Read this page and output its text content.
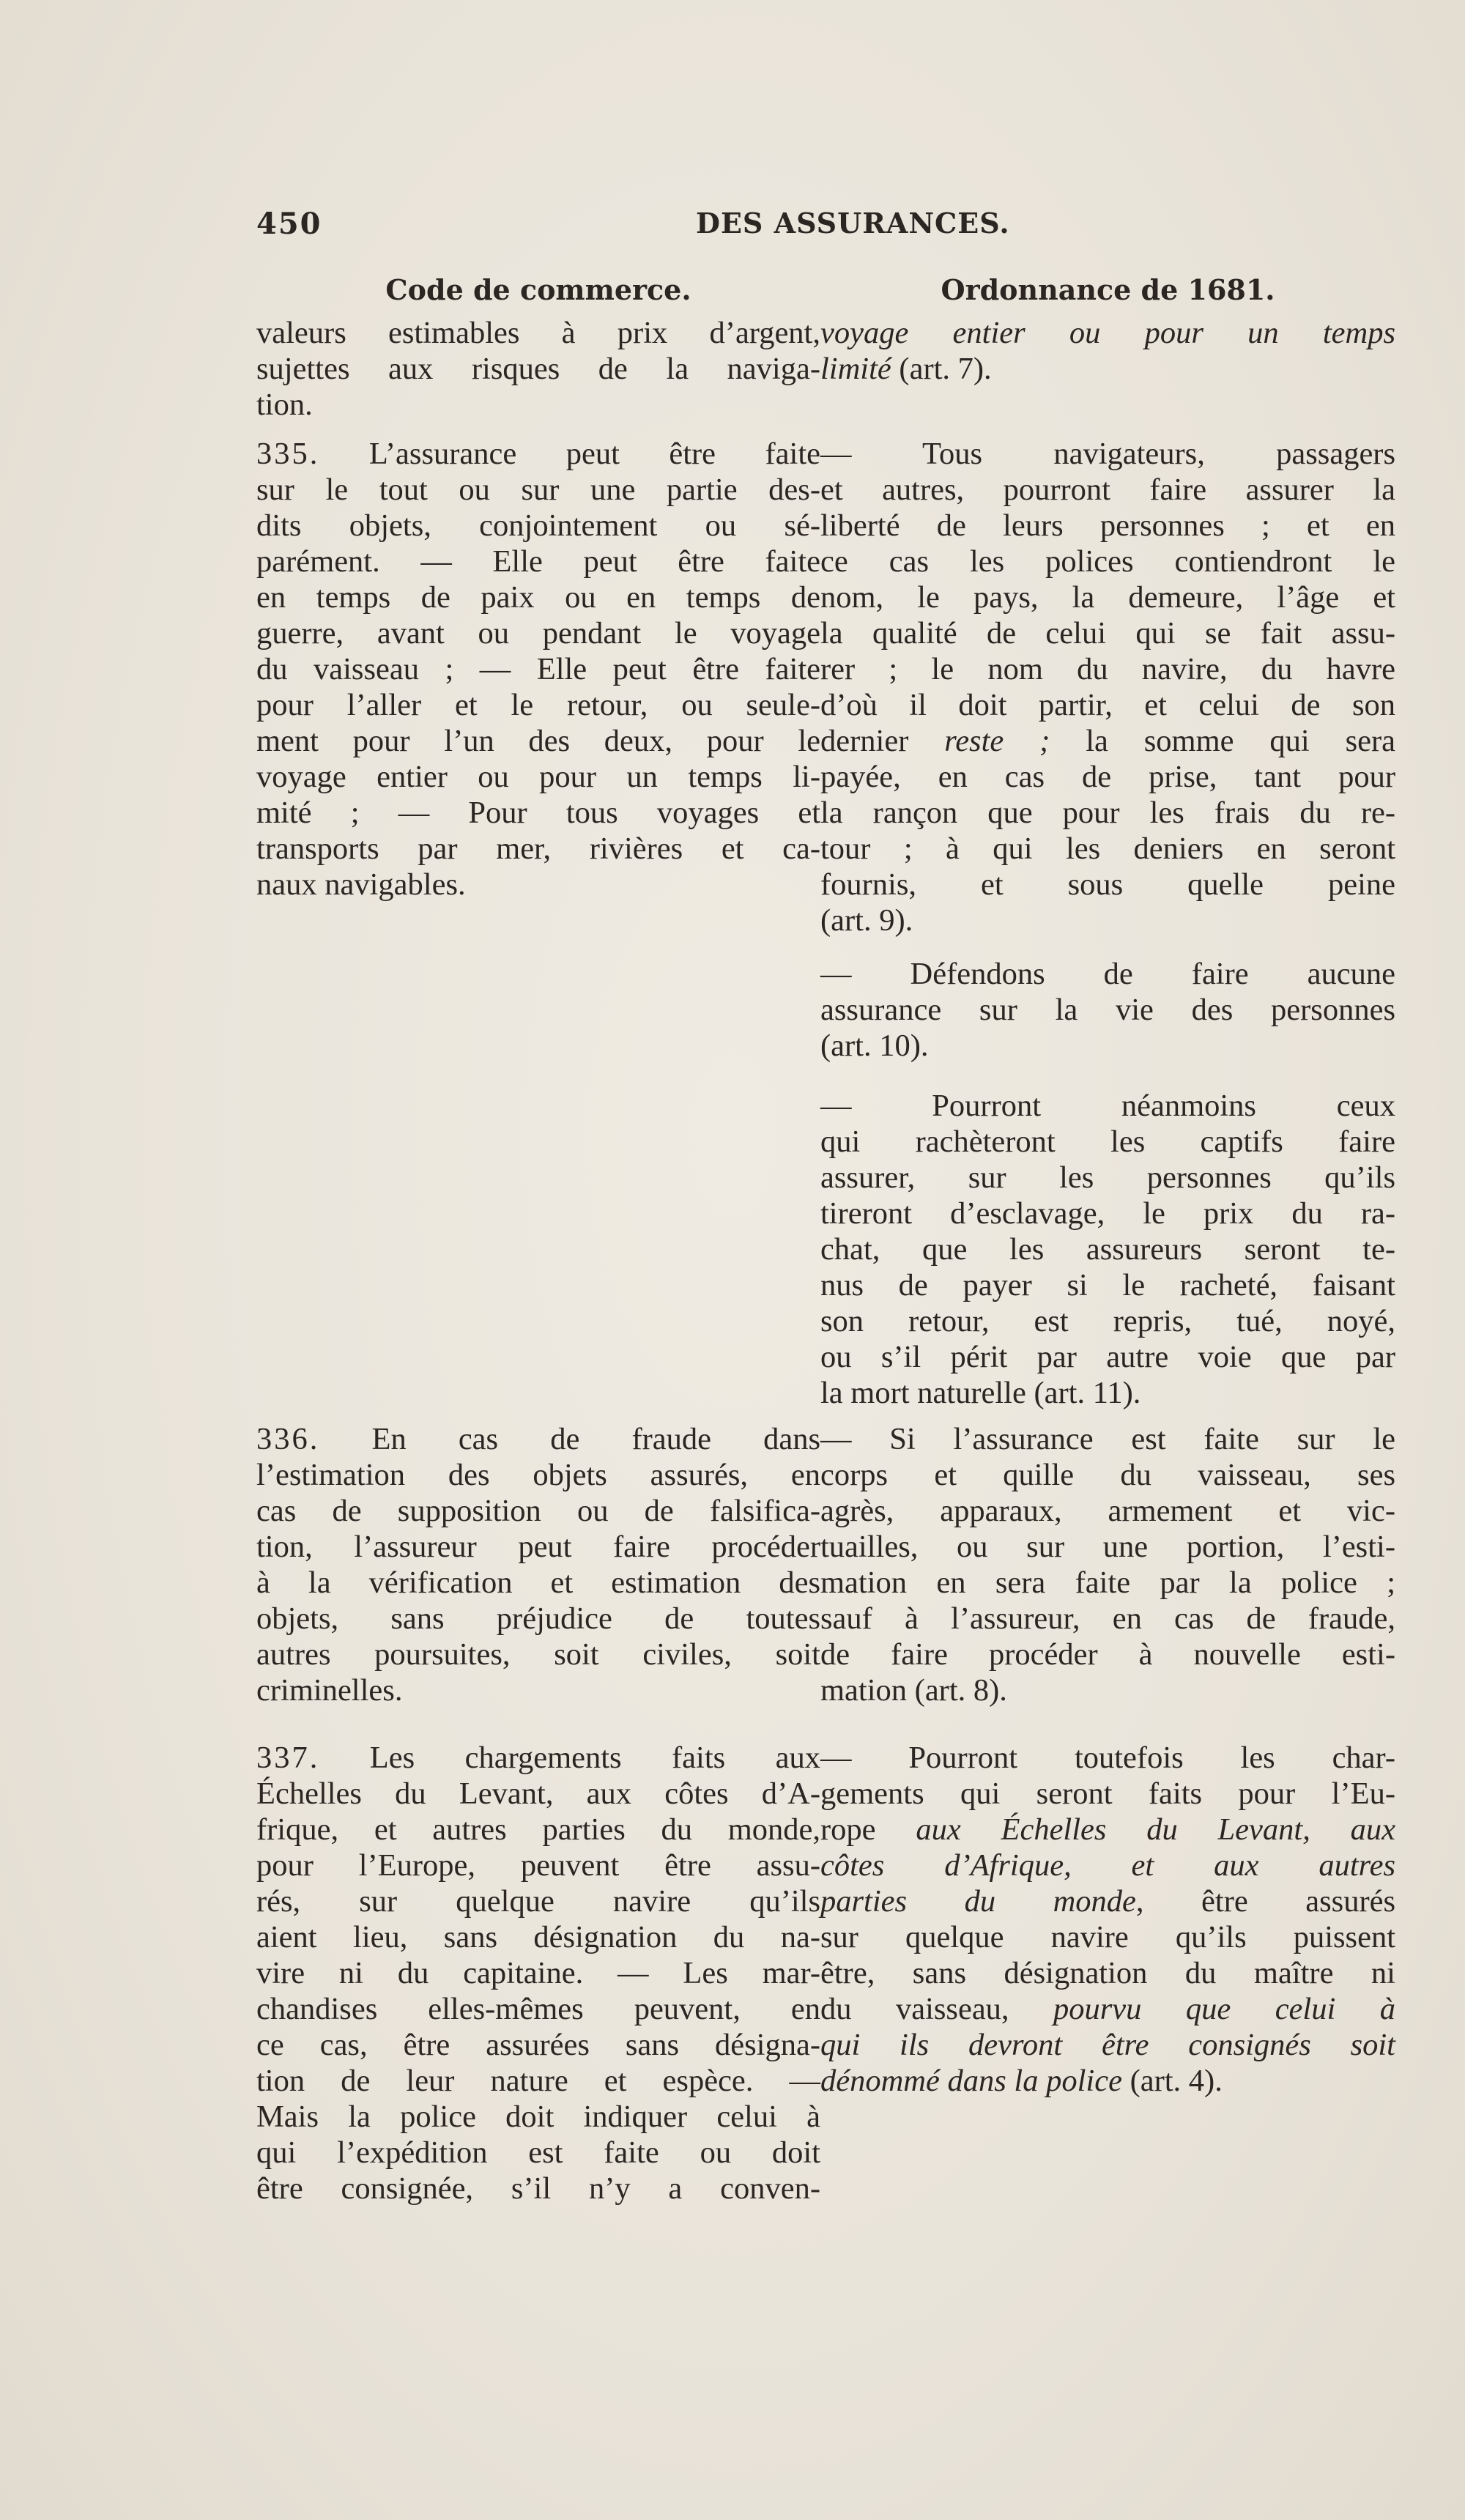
450	DES ASSURANCES.
Code de commerce.	Ordonnance de 1681.
valeurs estimables à prix d’argent,
sujettes aux risques de la naviga-
tion.
335. L’assurance peut être faite
sur le tout ou sur une partie des-
dits objets, conjointement ou sé-
parément. — Elle peut être faite
en temps de paix ou en temps de
guerre, avant ou pendant le voyage
du vaisseau ; — Elle peut être faite
pour l’aller et le retour, ou seule-
ment pour l’un des deux, pour le
voyage entier ou pour un temps li-
mité ; — Pour tous voyages et
transports par mer, rivières et ca-
naux navigables.
336. En cas de fraude dans
l’estimation des objets assurés, en
cas de supposition ou de falsifica-
tion, l’assureur peut faire procéder
à la vérification et estimation des
objets, sans préjudice de toutes
autres poursuites, soit civiles, soit
criminelles.
337. Les chargements faits aux
Échelles du Levant, aux côtes d’A-
frique, et autres parties du monde,
pour l’Europe, peuvent être assu-
rés, sur quelque navire qu’ils
aient lieu, sans désignation du na-
vire ni du capitaine. — Les mar-
chandises elles-mêmes peuvent, en
ce cas, être assurées sans désigna-
tion de leur nature et espèce. —
Mais la police doit indiquer celui à
qui l’expédition est faite ou doit
être consignée, s’il n’y a conven-
voyage entier ou pour un temps
limité (art. 7).
— Tous navigateurs, passagers
et autres, pourront faire assurer la
liberté de leurs personnes ; et en
ce cas les polices contiendront le
nom, le pays, la demeure, l’âge et
la qualité de celui qui se fait assu-
rer ; le nom du navire, du havre
d’où il doit partir, et celui de son
dernier reste ; la somme qui sera
payée, en cas de prise, tant pour
la rançon que pour les frais du re-
tour ; à qui les deniers en seront
fournis, et sous quelle peine
(art. 9).
— Défendons de faire aucune
assurance sur la vie des personnes
(art. 10).
— Pourront néanmoins ceux
qui rachèteront les captifs faire
assurer, sur les personnes qu’ils
tireront d’esclavage, le prix du ra-
chat, que les assureurs seront te-
nus de payer si le racheté, faisant
son retour, est repris, tué, noyé,
ou s’il périt par autre voie que par
la mort naturelle (art. 11).
— Si l’assurance est faite sur le
corps et quille du vaisseau, ses
agrès, apparaux, armement et vic-
tuailles, ou sur une portion, l’esti-
mation en sera faite par la police ;
sauf à l’assureur, en cas de fraude,
de faire procéder à nouvelle esti-
mation (art. 8).
— Pourront toutefois les char-
gements qui seront faits pour l’Eu-
rope aux Échelles du Levant, aux
côtes d’Afrique, et aux autres
parties du monde, être assurés
sur quelque navire qu’ils puissent
être, sans désignation du maître ni
du vaisseau, pourvu que celui à
qui ils devront être consignés soit
dénommé dans la police (art. 4).
